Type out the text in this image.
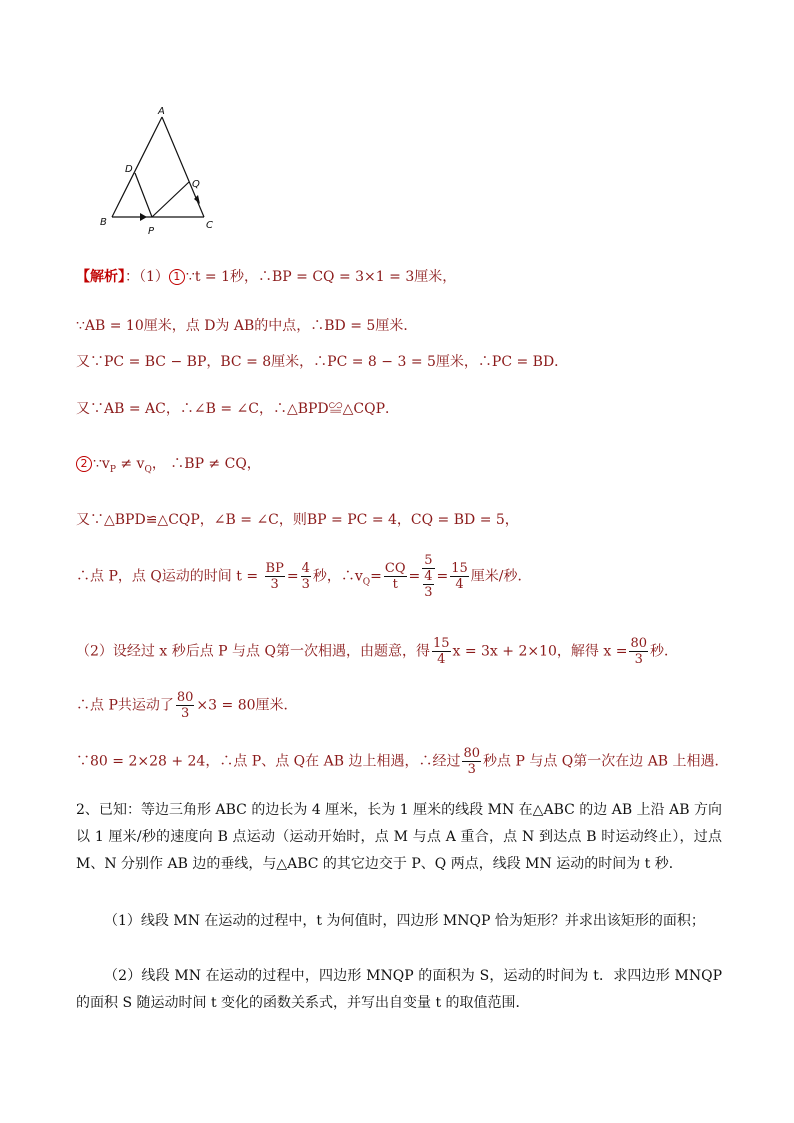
A
D
Q
B
P
C
【解析】：（1） 1 ∵t = 1秒，∴BP = CQ = 3×1 = 3厘米，
∵AB = 10厘米，点 D为 AB的中点，∴BD = 5厘米．
又∵PC = BC − BP，BC = 8厘米，∴PC = 8 − 3 = 5厘米，∴PC = BD．
又∵AB = AC，∴∠B = ∠C，∴△BPD≌△CQP．
2 $\because v_P \ne v_Q$， ∴BP ≠ CQ，
又∵△BPD≌△CQP，∠B = ∠C，则BP = PC = 4，CQ = BD = 5，
∴点 P，点 Q运动的时间 $t = \frac{BP}{3} = \frac{4}{3}$ 秒，$\therefore v_Q= \frac{CQ}{t} = \frac{5}{\frac{4}{3}} = \frac{15}{4}$ 厘米/秒．
（2）设经过 x 秒后点 P 与点 Q第一次相遇，由题意，得 $\frac{15}{4}$ x = 3x + 2×10，解得 $x = \frac{80}{3}$ 秒．
∴点 P共运动了 $\frac{80}{3} \times 3 = 80$厘米．
∵80 = 2×28 + 24，∴点 P、点 Q在 AB 边上相遇，∴经过 $\frac{80}{3}$ 秒点 P 与点 Q第一次在边 AB 上相遇．
2、已知：等边三角形 ABC 的边长为 4 厘米，长为 1 厘米的线段 MN 在△ABC 的边 AB 上沿 AB 方向以 1 厘米/秒的速度向 B 点运动（运动开始时，点 M 与点 A 重合，点 N 到达点 B 时运动终止），过点 M、N 分别作 AB 边的垂线，与△ABC 的其它边交于 P、Q 两点，线段 MN 运动的时间为 t 秒．
（1）线段 MN 在运动的过程中，t 为何值时，四边形 MNQP 恰为矩形？并求出该矩形的面积；
（2）线段 MN 在运动的过程中，四边形 MNQP 的面积为 S，运动的时间为 t．求四边形 MNQP 的面积 S 随运动时间 t 变化的函数关系式，并写出自变量 t 的取值范围．
